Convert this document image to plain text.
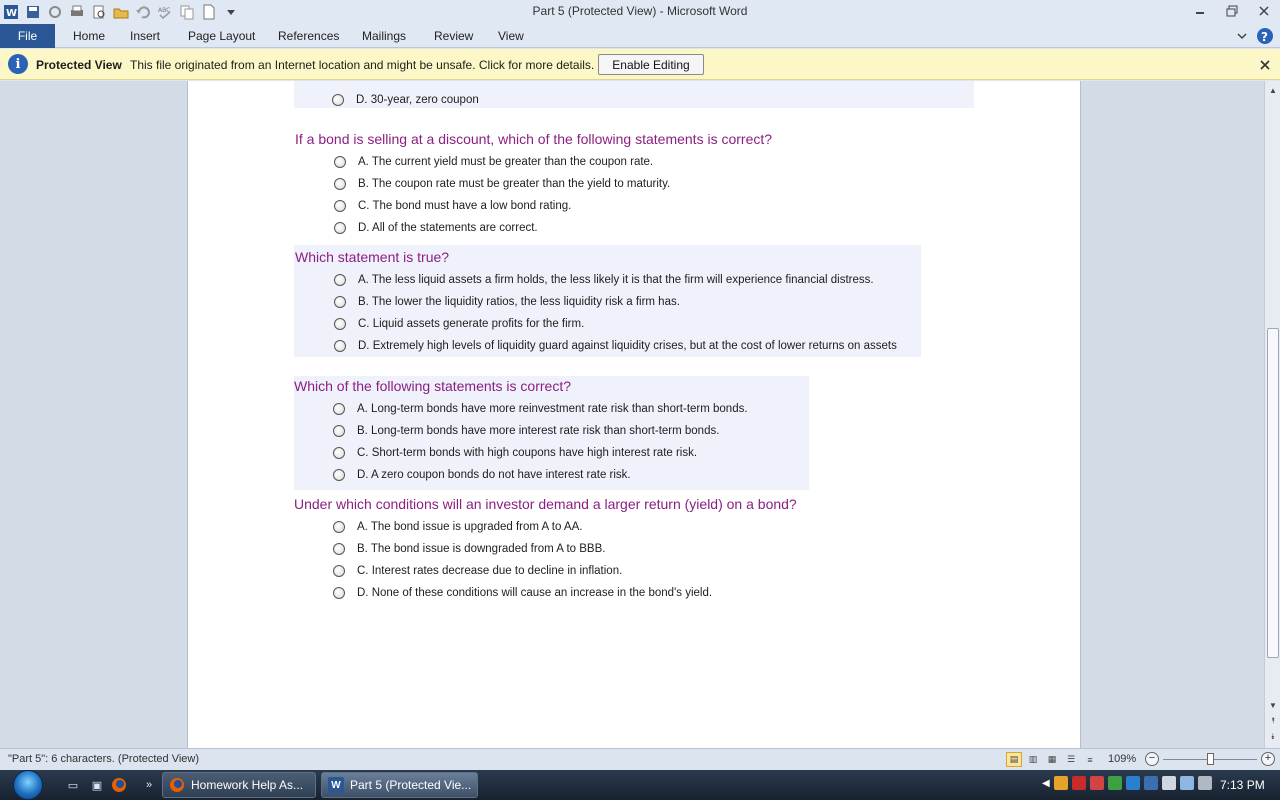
W	ABC	Part 5 (Protected View) - Microsoft Word
File	Home Insert Page Layout References Mailings Review View	?
i	Protected View This file originated from an Internet location and might be unsafe. Click for more details.	Enable Editing
D. 30-year, zero coupon
If a bond is selling at a discount, which of the following statements is correct?
A. The current yield must be greater than the coupon rate.
B. The coupon rate must be greater than the yield to maturity.
C. The bond must have a low bond rating.
D. All of the statements are correct.
Which statement is true?
A. The less liquid assets a firm holds, the less likely it is that the firm will experience financial distress.
B. The lower the liquidity ratios, the less liquidity risk a firm has.
C. Liquid assets generate profits for the firm.
D. Extremely high levels of liquidity guard against liquidity crises, but at the cost of lower returns on assets
Which of the following statements is correct?
A. Long-term bonds have more reinvestment rate risk than short-term bonds.
B. Long-term bonds have more interest rate risk than short-term bonds.
C. Short-term bonds with high coupons have high interest rate risk.
D. A zero coupon bonds do not have interest rate risk.
Under which conditions will an investor demand a larger return (yield) on a bond?
A. The bond issue is upgraded from A to AA.
B. The bond issue is downgraded from A to BBB.
C. Interest rates decrease due to decline in inflation.
D. None of these conditions will cause an increase in the bond's yield.
▲
▼
⯭
⯯
"Part 5": 6 characters. (Protected View)	▤	▥	▦	☰	≡	109%	−	+
▭	▣	»	Homework Help As...	W Part 5 (Protected Vie...	◀	7:13 PM
